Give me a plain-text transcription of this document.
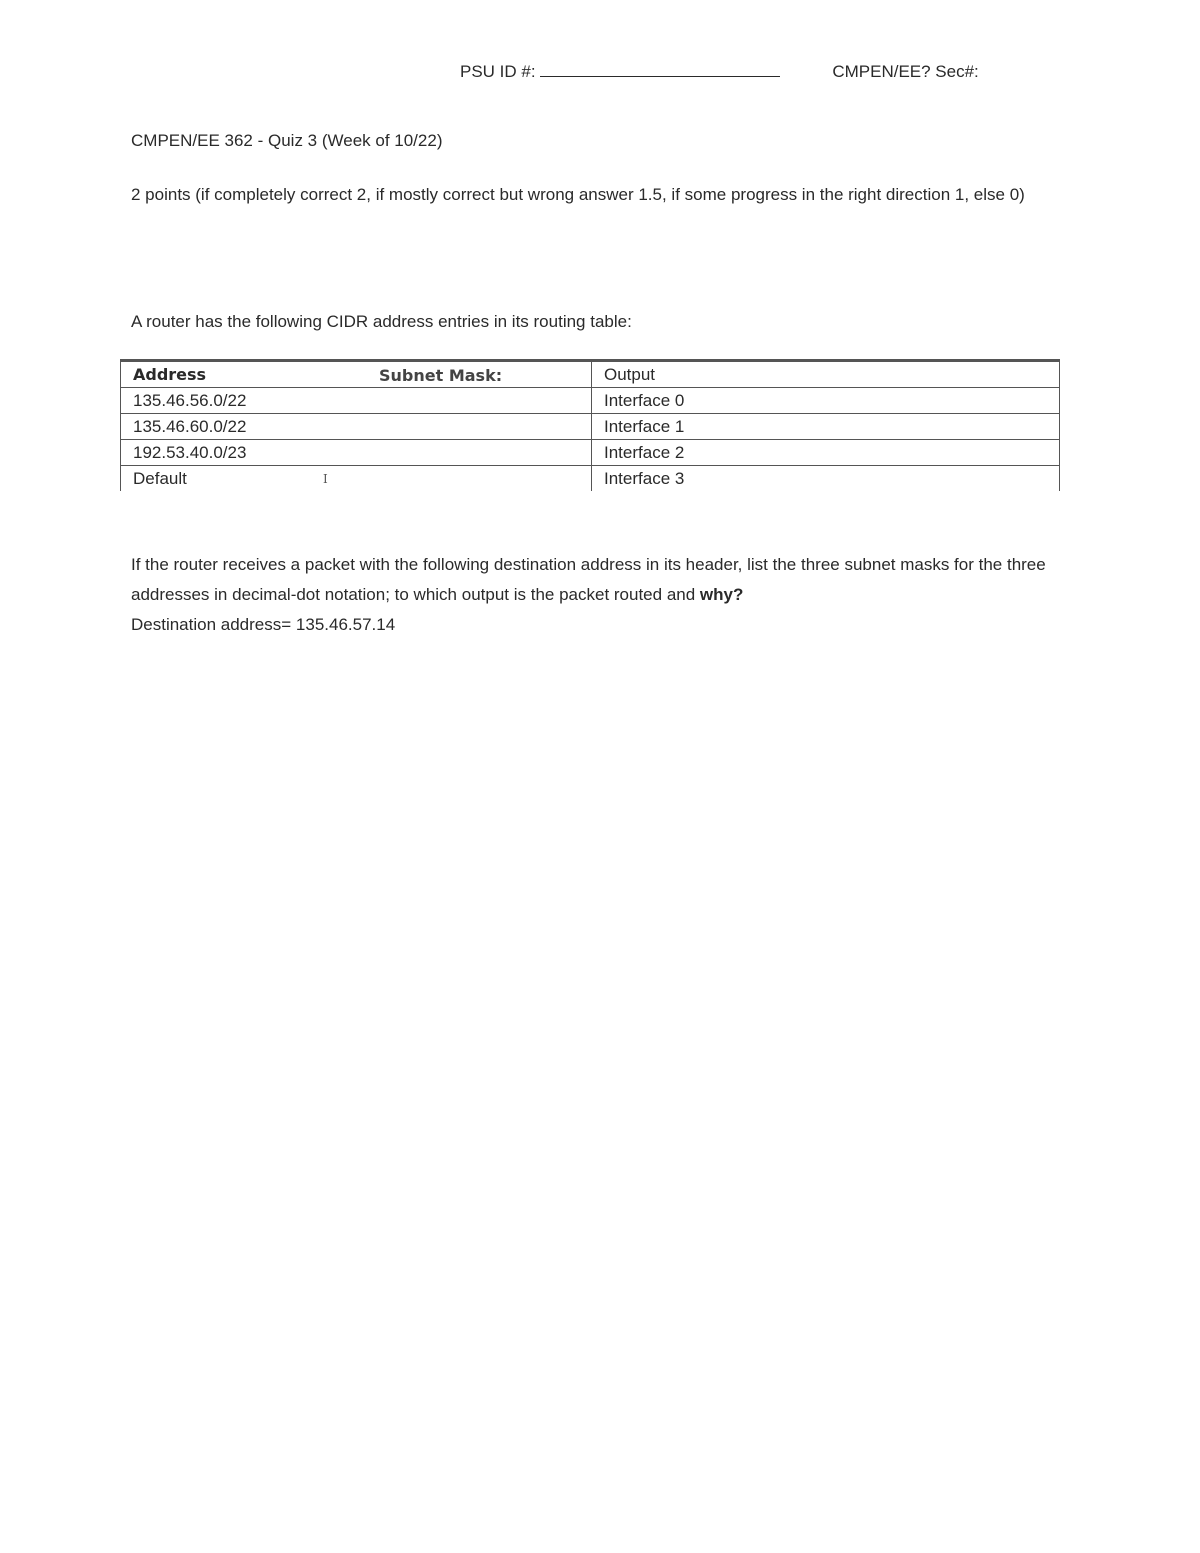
PSU ID #:	CMPEN/EE? Sec#:
CMPEN/EE 362 - Quiz 3 (Week of 10/22)
2 points (if completely correct 2, if mostly correct but wrong answer 1.5, if some progress in the right direction 1, else 0)
A router has the following CIDR address entries in its routing table:
Address Subnet Mask:	Output
135.46.56.0/22	Interface 0
135.46.60.0/22	Interface 1
192.53.40.0/23	Interface 2
Default I	Interface 3
If the router receives a packet with the following destination address in its header, list the three subnet masks for the three addresses in decimal-dot notation; to which output is the packet routed and why?
Destination address= 135.46.57.14
